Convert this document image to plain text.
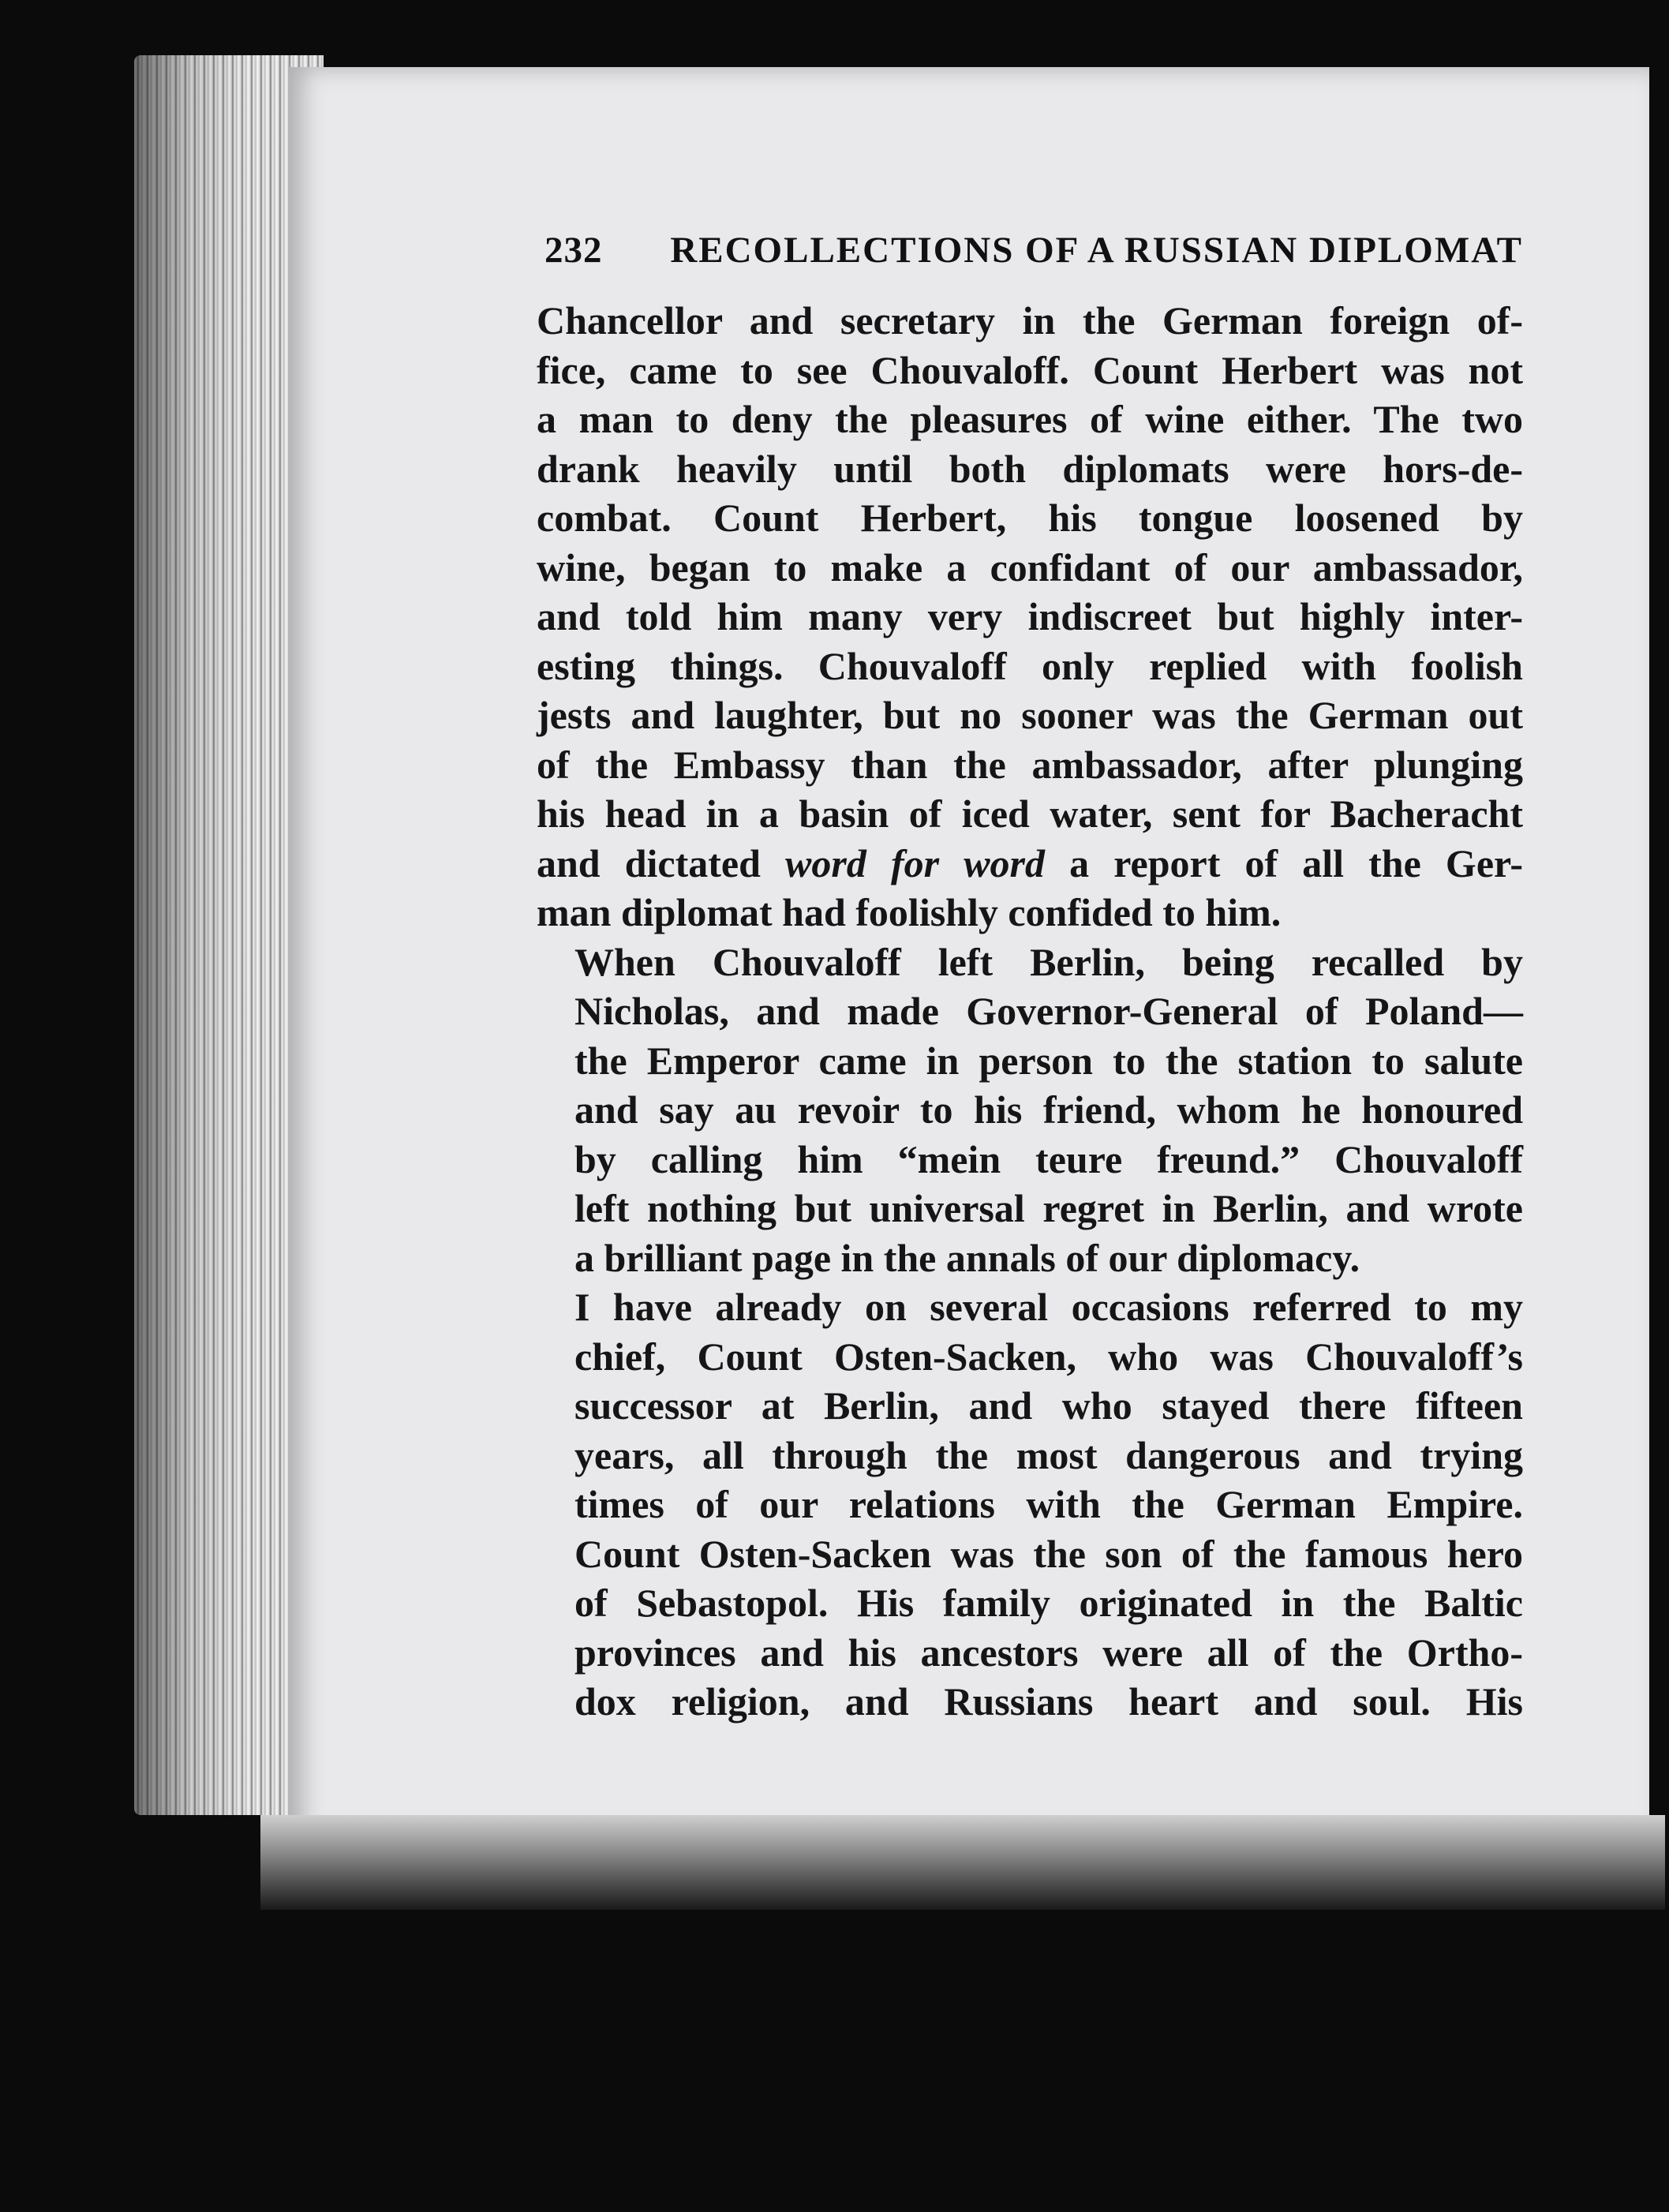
232 RECOLLECTIONS OF A RUSSIAN DIPLOMAT

Chancellor and secretary in the German foreign of-
fice, came to see Chouvaloff. Count Herbert was not
a man to deny the pleasures of wine either. The two
drank heavily until both diplomats were hors-de-
combat. Count Herbert, his tongue loosened by
wine, began to make a confidant of our ambassador,
and told him many very indiscreet but highly inter-
esting things. Chouvaloff only replied with foolish
jests and laughter, but no sooner was the German out
of the Embassy than the ambassador, after plunging
his head in a basin of iced water, sent for Bacheracht
and dictated word for word a report of all the Ger-
man diplomat had foolishly confided to him.

When Chouvaloff left Berlin, being recalled by
Nicholas, and made Governor-General of Poland—
the Emperor came in person to the station to salute
and say au revoir to his friend, whom he honoured
by calling him “mein teure freund.” Chouvaloff
left nothing but universal regret in Berlin, and wrote
a brilliant page in the annals of our diplomacy.

I have already on several occasions referred to my
chief, Count Osten-Sacken, who was Chouvaloff’s
successor at Berlin, and who stayed there fifteen
years, all through the most dangerous and trying
times of our relations with the German Empire.
Count Osten-Sacken was the son of the famous hero
of Sebastopol. His family originated in the Baltic
provinces and his ancestors were all of the Ortho-
dox religion, and Russians heart and soul. His
